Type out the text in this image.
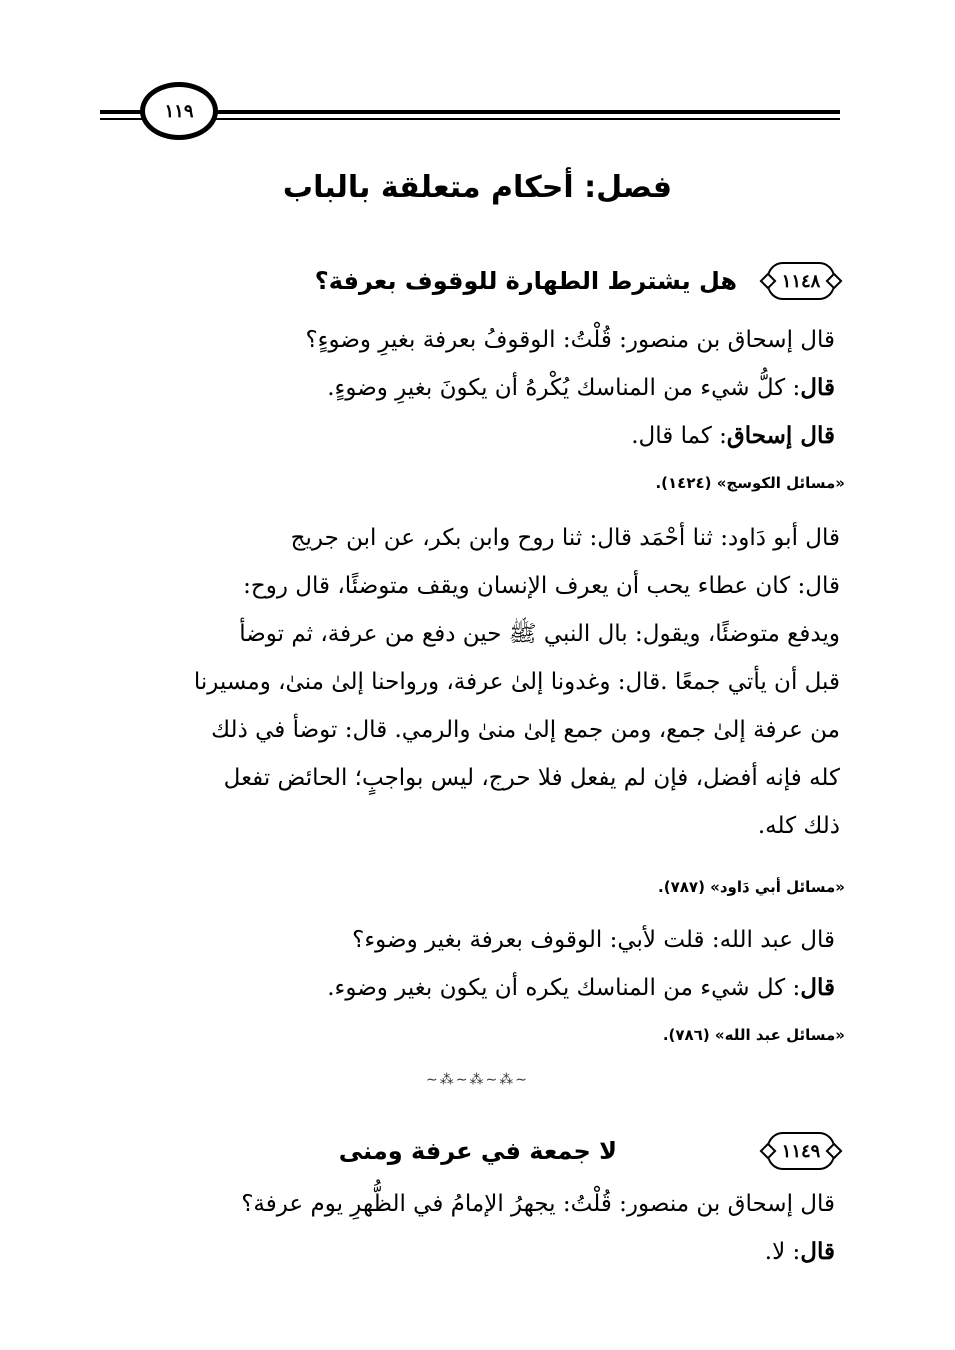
١١٩
فصل: أحكام متعلقة بالباب
١١٤٨
هل يشترط الطهارة للوقوف بعرفة؟
قال إسحاق بن منصور: قُلْتُ: الوقوفُ بعرفة بغيرِ وضوءٍ؟
قال: كلُّ شيء من المناسك يُكْرهُ أن يكونَ بغيرِ وضوءٍ.
قال إسحاق: كما قال.
«مسائل الكوسج» (١٤٢٤).
قال أبو دَاود: ثنا أحْمَد قال: ثنا روح وابن بكر، عن ابن جريج
قال: كان عطاء يحب أن يعرف الإنسان ويقف متوضئًا، قال روح:
ويدفع متوضئًا، ويقول: بال النبي ﷺ حين دفع من عرفة، ثم توضأ
قبل أن يأتي جمعًا .قال: وغدونا إلىٰ عرفة، ورواحنا إلىٰ منىٰ، ومسيرنا
من عرفة إلىٰ جمع، ومن جمع إلىٰ منىٰ والرمي. قال: توضأ في ذلك
كله فإنه أفضل، فإن لم يفعل فلا حرج، ليس بواجبٍ؛ الحائض تفعل
ذلك كله.
«مسائل أبي دَاود» (٧٨٧).
قال عبد الله: قلت لأبي: الوقوف بعرفة بغير وضوء؟
قال: كل شيء من المناسك يكره أن يكون بغير وضوء.
«مسائل عبد الله» (٧٨٦).
∽⁂∽⁂∽⁂∽
١١٤٩
لا جمعة في عرفة ومنى
قال إسحاق بن منصور: قُلْتُ: يجهرُ الإمامُ في الظُّهرِ يوم عرفة؟
قال: لا.
